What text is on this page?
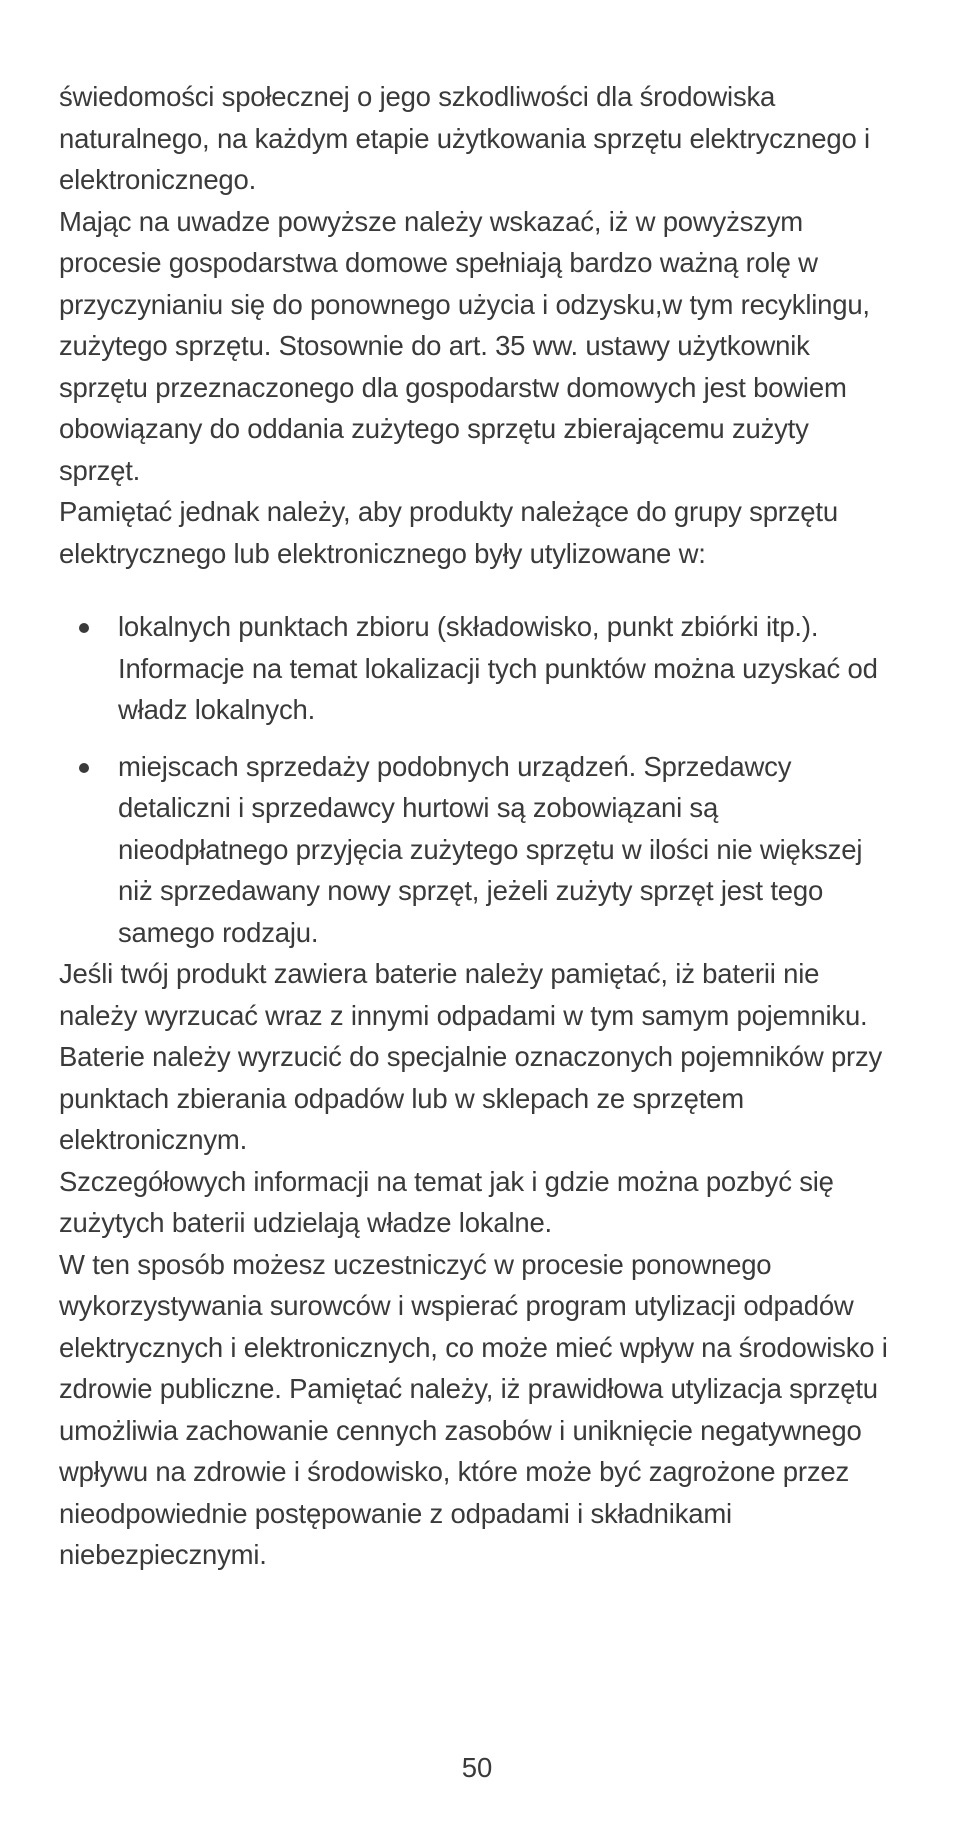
świedomości społecznej o jego szkodliwości dla środowiska naturalnego, na każdym etapie użytkowania sprzętu elektrycznego i elektronicznego.

Mając na uwadze powyższe należy wskazać, iż w powyższym procesie gospodarstwa domowe spełniają bardzo ważną rolę w przyczynianiu się do ponownego użycia i odzysku,w tym recyklingu, zużytego sprzętu. Stosownie do art. 35 ww. ustawy użytkownik sprzętu przeznaczonego dla gospodarstw domowych jest bowiem obowiązany do oddania zużytego sprzętu zbierającemu zużyty sprzęt.

Pamiętać jednak należy, aby produkty należące do grupy sprzętu elektrycznego lub elektronicznego były utylizowane w:

lokalnych punktach zbioru (składowisko, punkt zbiórki itp.). Informacje na temat lokalizacji tych punktów można uzyskać od władz lokalnych.
miejscach sprzedaży podobnych urządzeń. Sprzedawcy detaliczni i sprzedawcy hurtowi są zobowiązani są nieodpłatnego przyjęcia zużytego sprzętu w ilości nie większej niż sprzedawany nowy sprzęt, jeżeli zużyty sprzęt jest tego samego rodzaju.

Jeśli twój produkt zawiera baterie należy pamiętać, iż baterii nie należy wyrzucać wraz z innymi odpadami w tym samym pojemniku. Baterie należy wyrzucić do specjalnie oznaczonych pojemników przy punktach zbierania odpadów lub w sklepach ze sprzętem elektronicznym.

Szczegółowych informacji na temat jak i gdzie można pozbyć się zużytych baterii udzielają władze lokalne.

W ten sposób możesz uczestniczyć w procesie ponownego wykorzystywania surowców i wspierać program utylizacji odpadów elektrycznych i elektronicznych, co może mieć wpływ na środowisko i zdrowie publiczne. Pamiętać należy, iż prawidłowa utylizacja sprzętu umożliwia zachowanie cennych zasobów i uniknięcie negatywnego wpływu na zdrowie i środowisko, które może być zagrożone przez nieodpowiednie postępowanie z odpadami i składnikami niebezpiecznymi.

50
